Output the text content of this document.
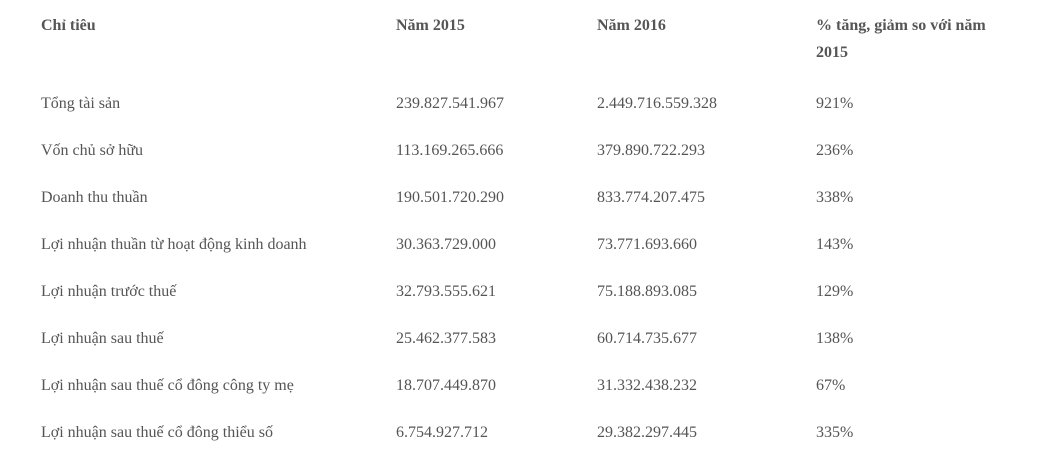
Chỉ tiêu	Năm 2015	Năm 2016	% tăng, giảm so với năm 2015

Tổng tài sản	239.827.541.967	2.449.716.559.328	921%
Vốn chủ sở hữu	113.169.265.666	379.890.722.293	236%
Doanh thu thuần	190.501.720.290	833.774.207.475	338%
Lợi nhuận thuần từ hoạt động kinh doanh	30.363.729.000	73.771.693.660	143%
Lợi nhuận trước thuế	32.793.555.621	75.188.893.085	129%
Lợi nhuận sau thuế	25.462.377.583	60.714.735.677	138%
Lợi nhuận sau thuế cổ đông công ty mẹ	18.707.449.870	31.332.438.232	67%
Lợi nhuận sau thuế cổ đông thiểu số	6.754.927.712	29.382.297.445	335%
